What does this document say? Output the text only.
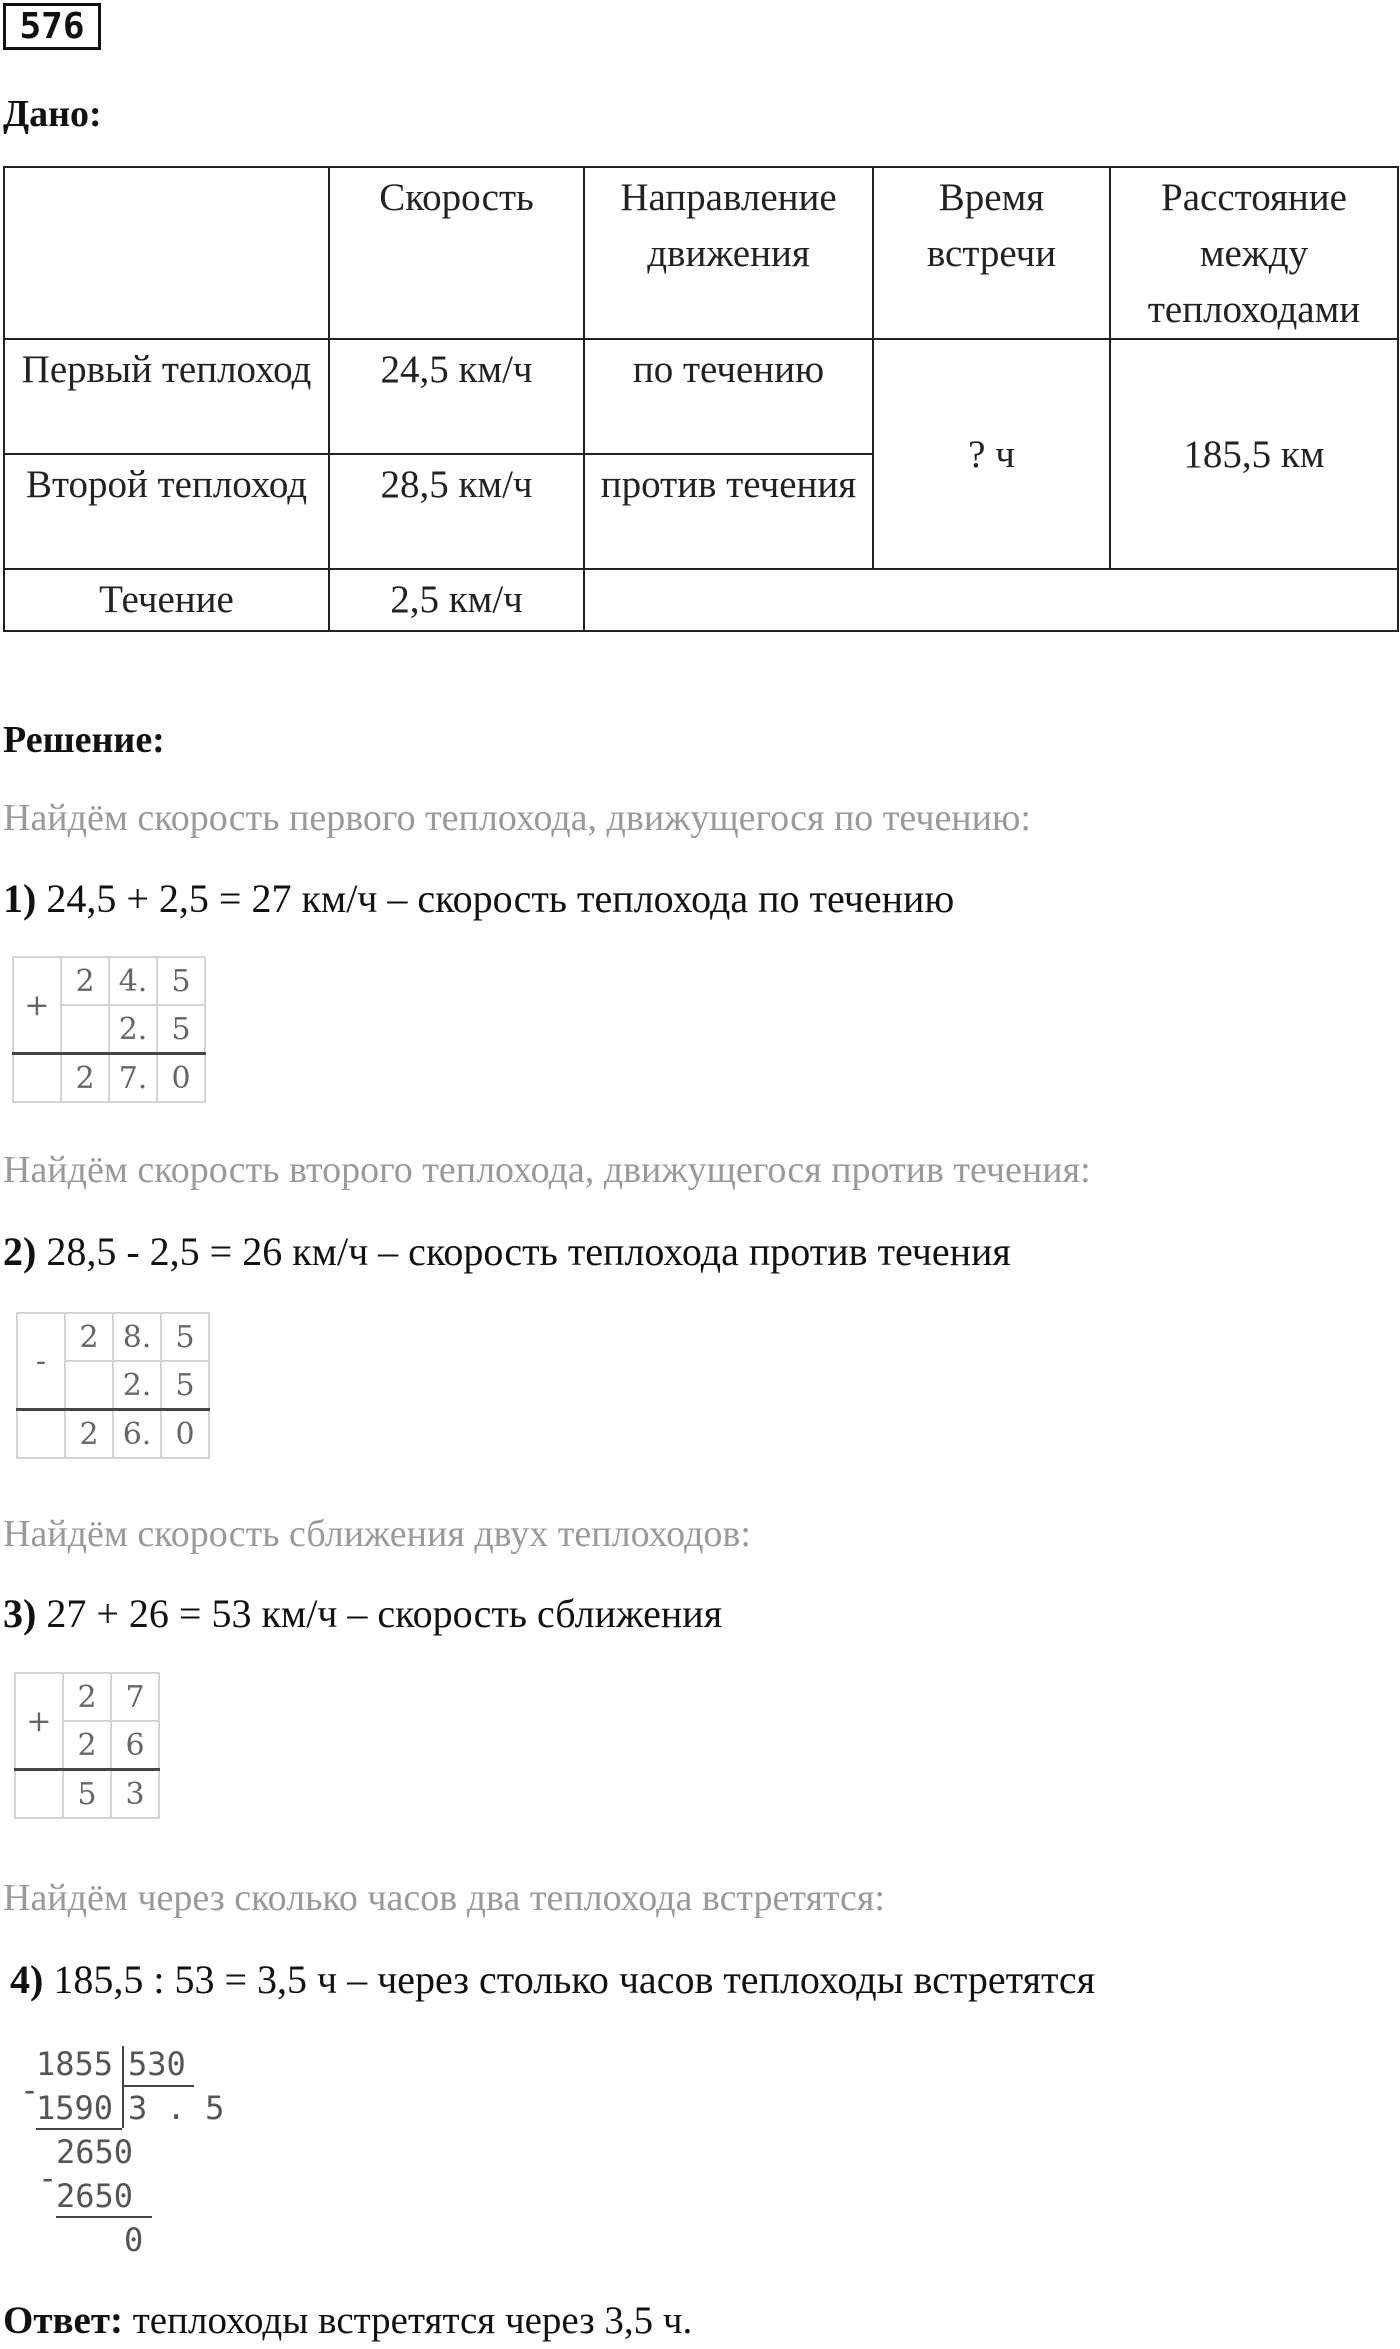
576
Дано:
	Скорость	Направление движения	Время встречи	Расстояние между теплоходами
Первый теплоход	24,5 км/ч	по течению	? ч	185,5 км
Второй теплоход	28,5 км/ч	против течения		
Течение	2,5 км/ч			
Решение:
Найдём скорость первого теплохода, движущегося по течению:
1) 24,5 + 2,5 = 27 км/ч – скорость теплохода по течению
+	2	4.	5
		2.	5
	2	7.	0
Найдём скорость второго теплохода, движущегося против течения:
2) 28,5 - 2,5 = 26 км/ч – скорость теплохода против течения
-	2	8.	5
		2.	5
	2	6.	0
Найдём скорость сближения двух теплоходов:
3) 27 + 26 = 53 км/ч – скорость сближения
+	2	7
	2	6
	5	3
Найдём через сколько часов два теплохода встретятся:
4) 185,5 : 53 = 3,5 ч – через столько часов теплоходы встретятся
-
1855 530
1590 3 . 5
-
2650
2650
0
Ответ: теплоходы встретятся через 3,5 ч.
